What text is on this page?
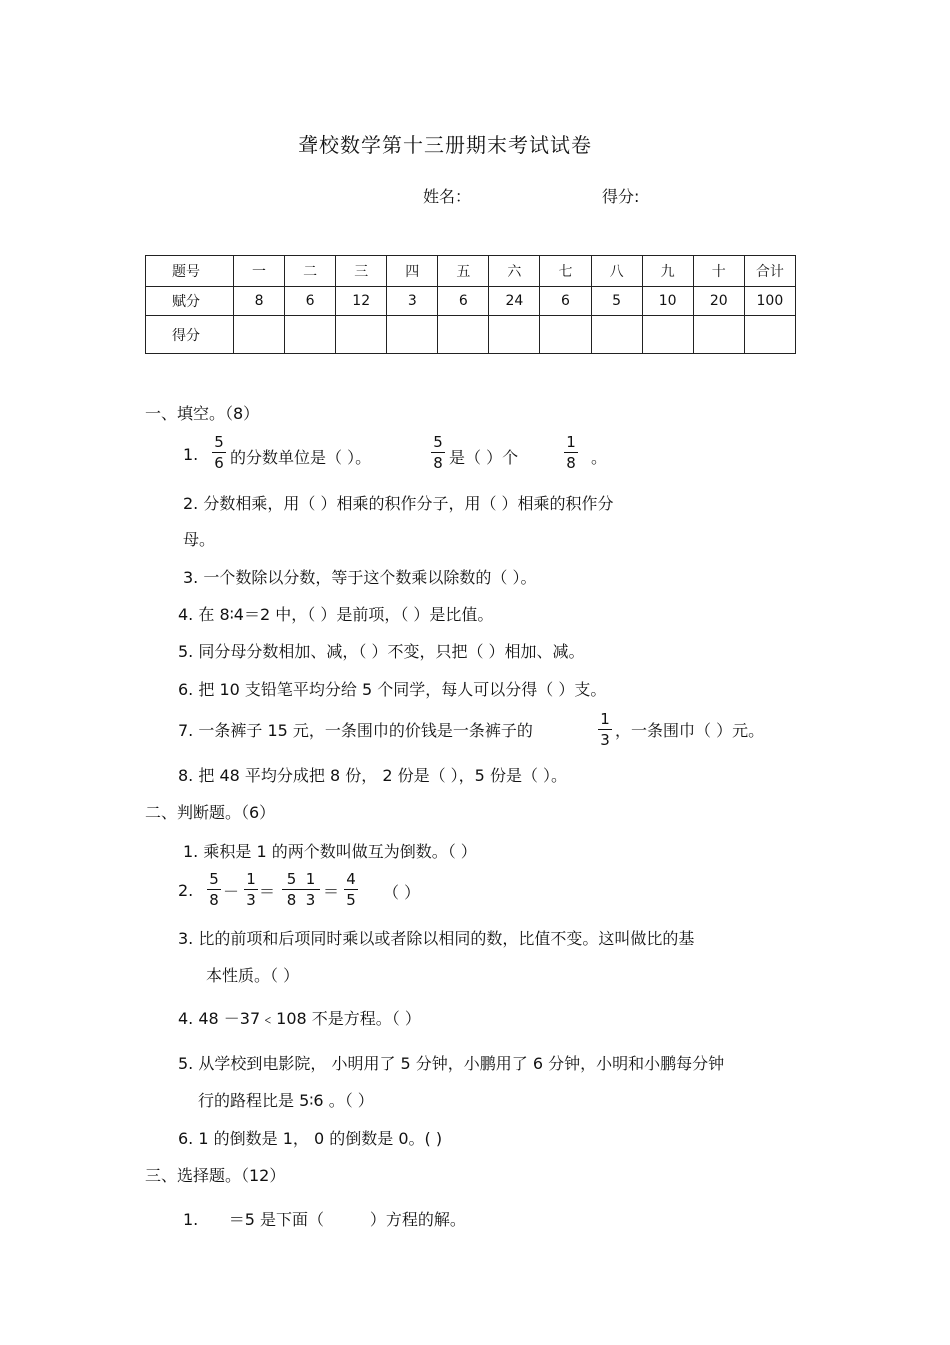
聋校数学第十三册期末考试试卷
姓名：	得分:
题号	一	二	三	四	五	六	七	八	九	十	合计
赋分	8	6	12	3	6	24	6	5	10	20	100
得分											
一、填空。（8）
1.
5
6 的分数单位是（ ）。
5
8 是（ ）个
1
8 。
2. 分数相乘，用（ ）相乘的积作分子，用（ ）相乘的积作分
母。
3. 一个数除以分数，等于这个数乘以除数的（ ）。
4. 在 8∶4＝2 中，（ ）是前项，（ ）是比值。
5. 同分母分数相加、减，（ ）不变，只把（ ）相加、减。
6. 把 10 支铅笔平均分给 5 个同学，每人可以分得（ ）支。
7. 一条裤子 15 元，一条围巾的价钱是一条裤子的
1
3 ，一条围巾（ ）元。
8. 把 48 平均分成把 8 份， 2 份是（ ），5 份是（ ）。
二、判断题。（6）
1. 乘积是 1 的两个数叫做互为倒数。（ ）
2.
5
8 －
1
3 ＝
5  1
8  3 ＝
4
5 （ ）
3. 比的前项和后项同时乘以或者除以相同的数，比值不变。这叫做比的基
本性质。（ ）
4. 48 －37﹤108 不是方程。（ ）
5. 从学校到电影院， 小明用了 5 分钟，小鹏用了 6 分钟，小明和小鹏每分钟
行的路程比是 5∶6 。（ ）
6. 1 的倒数是 1， 0 的倒数是 0。( )
三、选择题。（12）
1.      ＝5 是下面（         ）方程的解。
